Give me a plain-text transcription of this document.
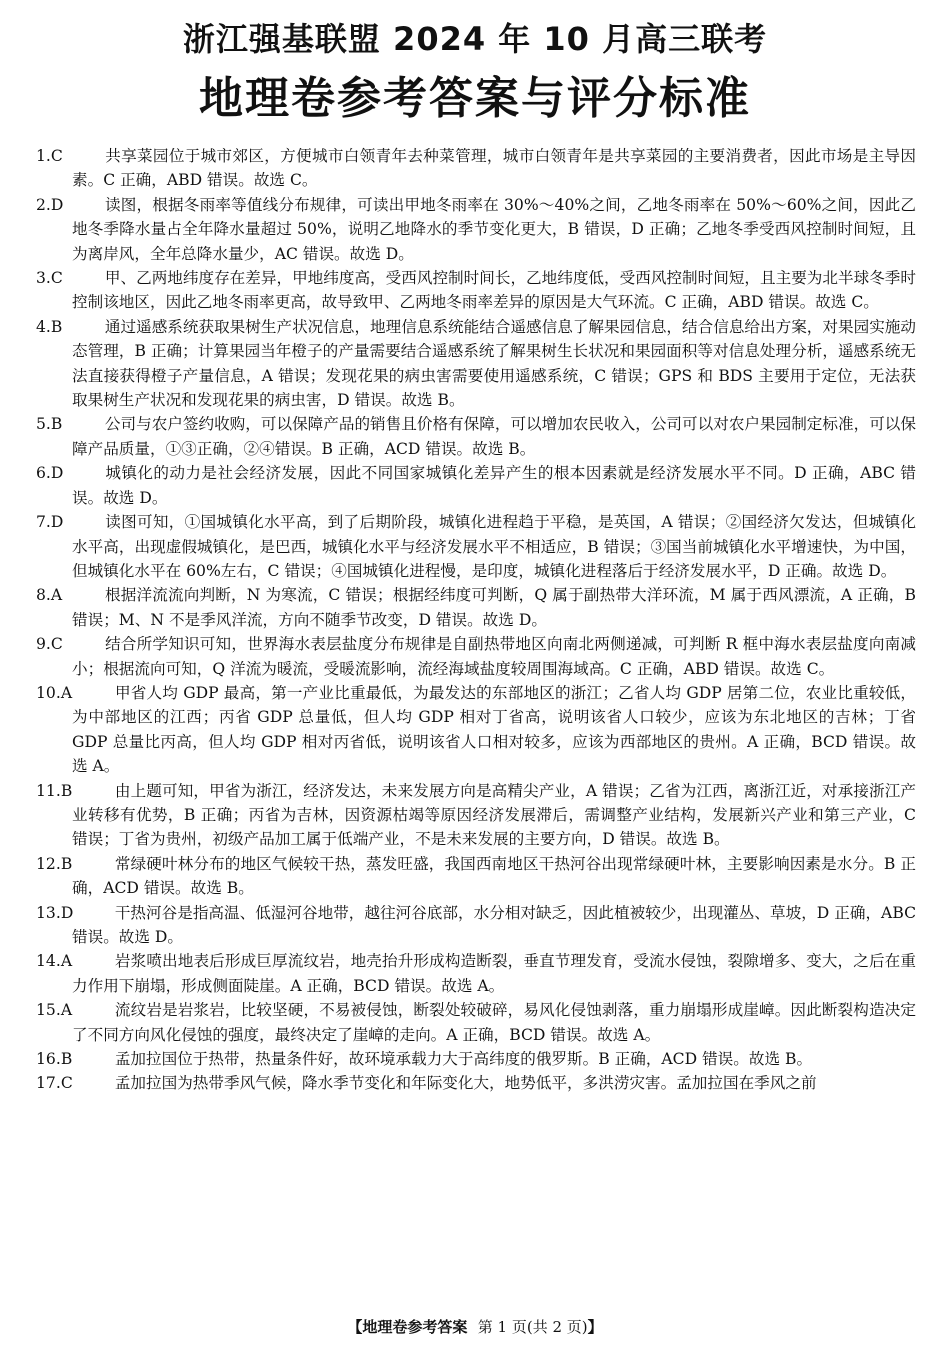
浙江强基联盟 2024 年 10 月高三联考
地理卷参考答案与评分标准
1.C	共享菜园位于城市郊区，方便城市白领青年去种菜管理，城市白领青年是共享菜园的主要消费者，因此市场是主导因素。C 正确，ABD 错误。故选 C。
2.D	读图，根据冬雨率等值线分布规律，可读出甲地冬雨率在 30%～40%之间，乙地冬雨率在 50%～60%之间，因此乙地冬季降水量占全年降水量超过 50%，说明乙地降水的季节变化更大，B 错误，D 正确；乙地冬季受西风控制时间短，且为离岸风，全年总降水量少，AC 错误。故选 D。
3.C	甲、乙两地纬度存在差异，甲地纬度高，受西风控制时间长，乙地纬度低，受西风控制时间短，且主要为北半球冬季时控制该地区，因此乙地冬雨率更高，故导致甲、乙两地冬雨率差异的原因是大气环流。C 正确，ABD 错误。故选 C。
4.B	通过遥感系统获取果树生产状况信息，地理信息系统能结合遥感信息了解果园信息，结合信息给出方案，对果园实施动态管理，B 正确；计算果园当年橙子的产量需要结合遥感系统了解果树生长状况和果园面积等对信息处理分析，遥感系统无法直接获得橙子产量信息，A 错误；发现花果的病虫害需要使用遥感系统，C 错误；GPS 和 BDS 主要用于定位，无法获取果树生产状况和发现花果的病虫害，D 错误。故选 B。
5.B	公司与农户签约收购，可以保障产品的销售且价格有保障，可以增加农民收入，公司可以对农户果园制定标准，可以保障产品质量，①③正确，②④错误。B 正确，ACD 错误。故选 B。
6.D	城镇化的动力是社会经济发展，因此不同国家城镇化差异产生的根本因素就是经济发展水平不同。D 正确，ABC 错误。故选 D。
7.D	读图可知，①国城镇化水平高，到了后期阶段，城镇化进程趋于平稳，是英国，A 错误；②国经济欠发达，但城镇化水平高，出现虚假城镇化，是巴西，城镇化水平与经济发展水平不相适应，B 错误；③国当前城镇化水平增速快，为中国，但城镇化水平在 60%左右，C 错误；④国城镇化进程慢，是印度，城镇化进程落后于经济发展水平，D 正确。故选 D。
8.A	根据洋流流向判断，N 为寒流，C 错误；根据经纬度可判断，Q 属于副热带大洋环流，M 属于西风漂流，A 正确，B 错误；M、N 不是季风洋流，方向不随季节改变，D 错误。故选 D。
9.C	结合所学知识可知，世界海水表层盐度分布规律是自副热带地区向南北两侧递减，可判断 R 框中海水表层盐度向南减小；根据流向可知，Q 洋流为暖流，受暖流影响，流经海域盐度较周围海域高。C 正确，ABD 错误。故选 C。
10.A	甲省人均 GDP 最高，第一产业比重最低，为最发达的东部地区的浙江；乙省人均 GDP 居第二位，农业比重较低，为中部地区的江西；丙省 GDP 总量低，但人均 GDP 相对丁省高，说明该省人口较少，应该为东北地区的吉林；丁省 GDP 总量比丙高，但人均 GDP 相对丙省低，说明该省人口相对较多，应该为西部地区的贵州。A 正确，BCD 错误。故选 A。
11.B	由上题可知，甲省为浙江，经济发达，未来发展方向是高精尖产业，A 错误；乙省为江西，离浙江近，对承接浙江产业转移有优势，B 正确；丙省为吉林，因资源枯竭等原因经济发展滞后，需调整产业结构，发展新兴产业和第三产业，C 错误；丁省为贵州，初级产品加工属于低端产业，不是未来发展的主要方向，D 错误。故选 B。
12.B	常绿硬叶林分布的地区气候较干热，蒸发旺盛，我国西南地区干热河谷出现常绿硬叶林，主要影响因素是水分。B 正确，ACD 错误。故选 B。
13.D	干热河谷是指高温、低湿河谷地带，越往河谷底部，水分相对缺乏，因此植被较少，出现灌丛、草坡，D 正确，ABC 错误。故选 D。
14.A	岩浆喷出地表后形成巨厚流纹岩，地壳抬升形成构造断裂，垂直节理发育，受流水侵蚀，裂隙增多、变大，之后在重力作用下崩塌，形成侧面陡崖。A 正确，BCD 错误。故选 A。
15.A	流纹岩是岩浆岩，比较坚硬，不易被侵蚀，断裂处较破碎，易风化侵蚀剥落，重力崩塌形成崖嶂。因此断裂构造决定了不同方向风化侵蚀的强度，最终决定了崖嶂的走向。A 正确，BCD 错误。故选 A。
16.B	孟加拉国位于热带，热量条件好，故环境承载力大于高纬度的俄罗斯。B 正确，ACD 错误。故选 B。
17.C	孟加拉国为热带季风气候，降水季节变化和年际变化大，地势低平，多洪涝灾害。孟加拉国在季风之前
【地理卷参考答案 第 1 页(共 2 页)】
